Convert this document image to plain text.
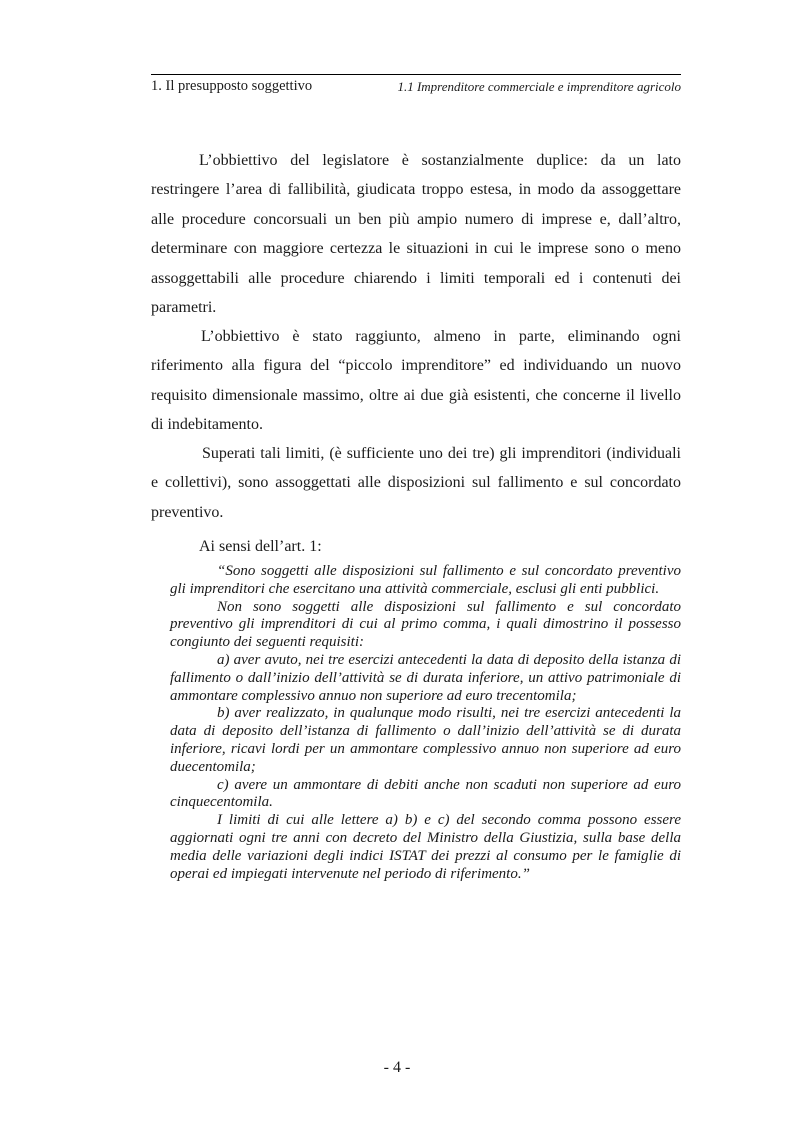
1. Il presupposto soggettivo	1.1 Imprenditore commerciale e imprenditore agricolo

L’obbiettivo del legislatore è sostanzialmente duplice: da un lato restringere l’area di fallibilità, giudicata troppo estesa, in modo da assoggettare alle procedure concorsuali un ben più ampio numero di imprese e, dall’altro, determinare con maggiore certezza le situazioni in cui le imprese sono o meno assoggettabili alle procedure chiarendo i limiti temporali ed i contenuti dei parametri.

L’obbiettivo è stato raggiunto, almeno in parte, eliminando ogni riferimento alla figura del “piccolo imprenditore” ed individuando un nuovo requisito dimensionale massimo, oltre ai due già esistenti, che concerne il livello di indebitamento.

Superati tali limiti, (è sufficiente uno dei tre) gli imprenditori (individuali e collettivi), sono assoggettati alle disposizioni sul fallimento e sul concordato preventivo.

Ai sensi dell’art. 1:

“Sono soggetti alle disposizioni sul fallimento e sul concordato preventivo gli imprenditori che esercitano una attività commerciale, esclusi gli enti pubblici.

Non sono soggetti alle disposizioni sul fallimento e sul concordato preventivo gli imprenditori di cui al primo comma, i quali dimostrino il possesso congiunto dei seguenti requisiti:

a) aver avuto, nei tre esercizi antecedenti la data di deposito della istanza di fallimento o dall’inizio dell’attività se di durata inferiore, un attivo patrimoniale di ammontare complessivo annuo non superiore ad euro trecentomila;

b) aver realizzato, in qualunque modo risulti, nei tre esercizi antecedenti la data di deposito dell’istanza di fallimento o dall’inizio dell’attività se di durata inferiore, ricavi lordi per un ammontare complessivo annuo non superiore ad euro duecentomila;

c) avere un ammontare di debiti anche non scaduti non superiore ad euro cinquecentomila.

I limiti di cui alle lettere a) b) e c) del secondo comma possono essere aggiornati ogni tre anni con decreto del Ministro della Giustizia, sulla base della media delle variazioni degli indici ISTAT dei prezzi al consumo per le famiglie di operai ed impiegati intervenute nel periodo di riferimento.”

- 4 -
